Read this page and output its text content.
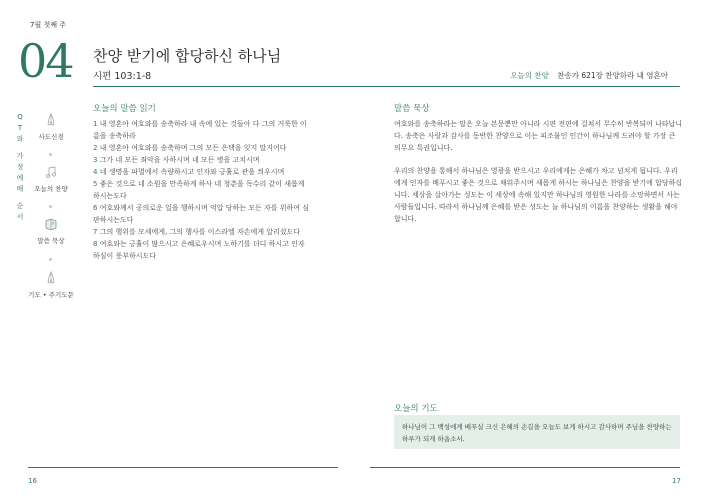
7월 첫째 주
04 찬양 받기에 합당하신 하나님
시편 103:1-8	오늘의 찬양 찬송가 621장 찬양하라 내 영혼아
Q
T
와
가
정
예
배
순
서
사도신경
오늘의 찬양
말씀 묵상
기도 • 주기도문
오늘의 말씀 읽기
1 내 영혼아 여호와를 송축하라 내 속에 있는 것들아 다 그의 거룩한 이름을 송축하라
2 내 영혼아 여호와를 송축하며 그의 모든 은택을 잊지 말지어다
3 그가 네 모든 죄악을 사하시며 네 모든 병을 고치시며
4 네 생명을 파멸에서 속량하시고 인자와 긍휼로 관을 씌우시며
5 좋은 것으로 네 소원을 만족하게 하사 네 청춘을 독수리 같이 새롭게 하시는도다
6 여호와께서 공의로운 일을 행하시며 억압 당하는 모든 자를 위하여 심판하시는도다
7 그의 행위를 모세에게, 그의 행사를 이스라엘 자손에게 알리셨도다
8 여호와는 긍휼이 많으시고 은혜로우시며 노하기를 더디 하시고 인자하심이 풍부하시도다
말씀 묵상

여호와를 송축하라는 말은 오늘 본문뿐만 아니라 시편 전편에 걸쳐서 무수히 반복되어 나타납니다. 송축은 사랑과 감사를 동반한 찬양으로 이는 피조물인 인간이 하나님께 드려야 할 가장 큰 의무요 특권입니다.

우리의 찬양을 통해서 하나님은 영광을 받으시고 우리에게는 은혜가 차고 넘치게 됩니다. 우리에게 인자를 베푸시고 좋은 것으로 채워주시며 새롭게 하시는 하나님은 찬양을 받기에 합당하십니다. 세상을 살아가는 성도는 이 세상에 속해 있지만 하나님의 영원한 나라를 소망하면서 사는 사람들입니다. 따라서 하나님께 은혜를 받은 성도는 늘 하나님의 이름을 찬양하는 생활을 해야합니다.

오늘의 기도
하나님이 그 백성에게 베푸실 크신 은혜의 손길을 오늘도 보게 하시고 감사하며 주님을 찬양하는 하루가 되게 하옵소서.
16	17
